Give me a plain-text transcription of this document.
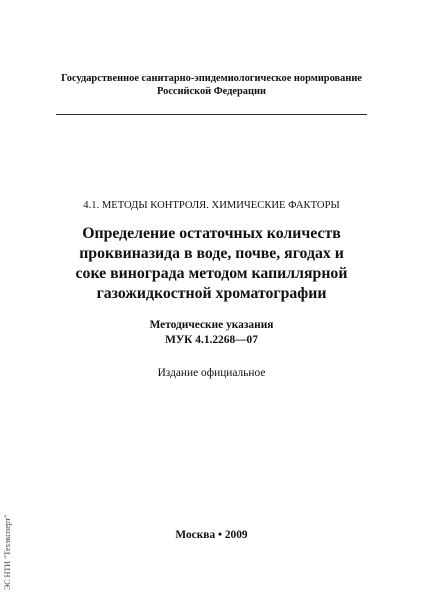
Государственное санитарно-эпидемиологическое нормирование
Российской Федерации
4.1. МЕТОДЫ КОНТРОЛЯ. ХИМИЧЕСКИЕ ФАКТОРЫ
Определение остаточных количеств
проквиназида в воде, почве, ягодах и
соке винограда методом капиллярной
газожидкостной хроматографии
Методические указания
МУК 4.1.2268—07
Издание официальное
Москва • 2009
ЭС НТИ "Техэксперт"
